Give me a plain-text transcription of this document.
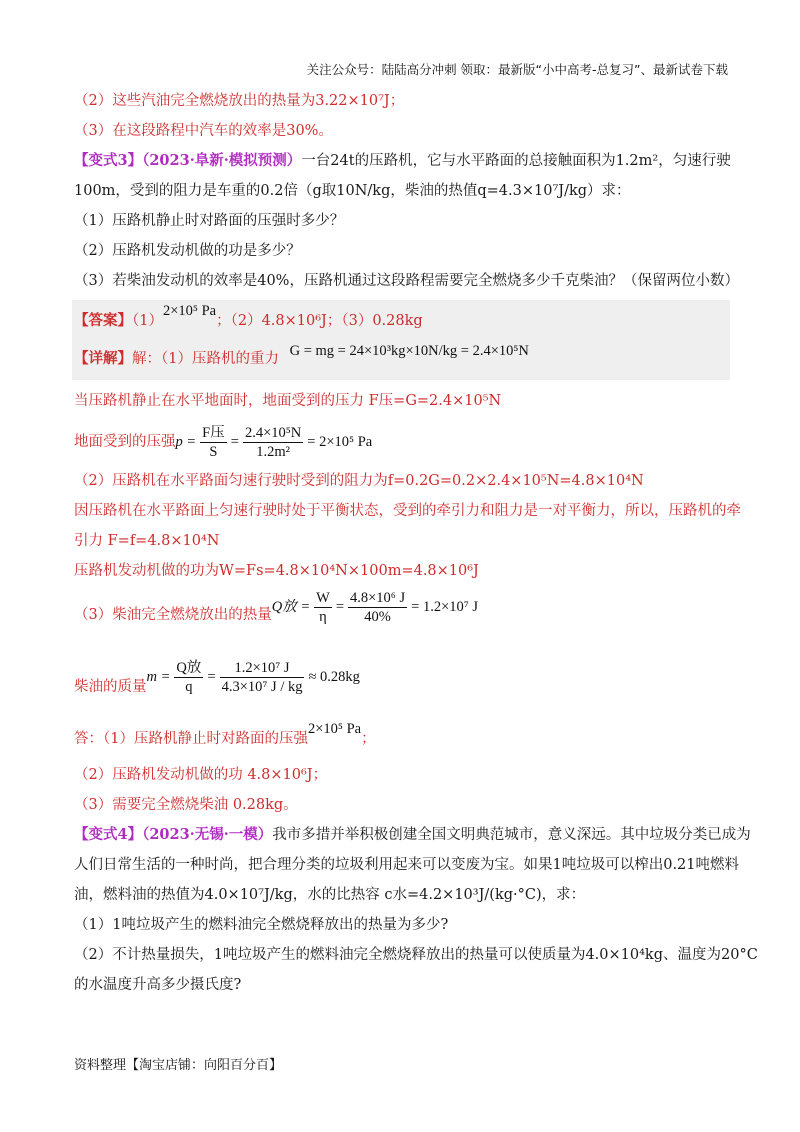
关注公众号：陆陆高分冲刺 领取：最新版“小中高考-总复习”、最新试卷下载

（2）这些汽油完全燃烧放出的热量为3.22×10⁷J；

（3）在这段路程中汽车的效率是30%。

【变式3】（2023·阜新·模拟预测）一台24t的压路机，它与水平路面的总接触面积为1.2m²，匀速行驶

100m，受到的阻力是车重的0.2倍（g取10N/kg，柴油的热值q=4.3×10⁷J/kg）求：

（1）压路机静止时对路面的压强时多少？

（2）压路机发动机做的功是多少？

（3）若柴油发动机的效率是40%，压路机通过这段路程需要完全燃烧多少千克柴油？（保留两位小数）

【答案】（1）2×10⁵ Pa；（2）4.8×10⁶J；（3）0.28kg

【详解】解：（1）压路机的重力 G = mg = 24×10³kg×10N/kg = 2.4×10⁵N

当压路机静止在水平地面时，地面受到的压力 F压=G=2.4×10⁵N

地面受到的压强$p = \frac{\text{F压}}{S} = \frac{\text{2.4×10⁵N}}{\text{1.2m²}} = 2\times 10^5$ Pa

（2）压路机在水平路面匀速行驶时受到的阻力为f=0.2G=0.2×2.4×10⁵N=4.8×10⁴N

因压路机在水平路面上匀速行驶时处于平衡状态，受到的牵引力和阻力是一对平衡力，所以，压路机的牵

引力 F=f=4.8×10⁴N

压路机发动机做的功为W=Fs=4.8×10⁴N×100m=4.8×10⁶J

（3）柴油完全燃烧放出的热量Q放 = $\frac{W}{\eta} = \frac{\text{4.8×10⁶ J}}{40\%} = 1.2\times 10^7$ J

柴油的质量$m = \frac{\text{Q放}}{q} = \frac{\text{1.2×10⁷ J}}{\text{4.3×10⁷ J / kg}} \approx 0.28kg$

答：（1）压路机静止时对路面的压强2×10⁵ Pa；

（2）压路机发动机做的功 4.8×10⁶J；

（3）需要完全燃烧柴油 0.28kg。

【变式4】（2023·无锡·一模）我市多措并举积极创建全国文明典范城市，意义深远。其中垃圾分类已成为

人们日常生活的一种时尚，把合理分类的垃圾利用起来可以变废为宝。如果1吨垃圾可以榨出0.21吨燃料

油，燃料油的热值为4.0×10⁷J/kg，水的比热容 c水=4.2×10³J/(kg·°C)，求：

（1）1吨垃圾产生的燃料油完全燃烧释放出的热量为多少?

（2）不计热量损失，1吨垃圾产生的燃料油完全燃烧释放出的热量可以使质量为4.0×10⁴kg、温度为20°C

的水温度升高多少摄氏度?

资料整理【淘宝店铺：向阳百分百】
